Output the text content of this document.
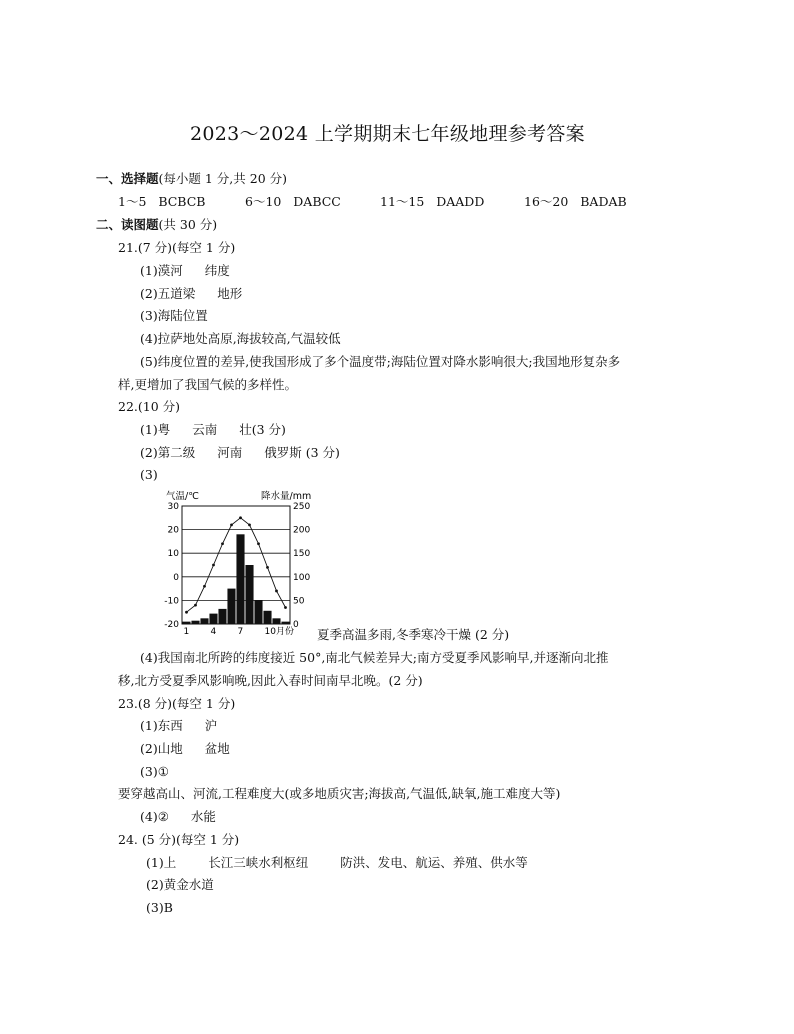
2023～2024 上学期期末七年级地理参考答案
一、选择题(每小题 1 分,共 20 分)
1～5 BCBCB	6～10 DABCC	11～15 DAADD	16～20 BADAB
二、读图题(共 30 分)
21.(7 分)(每空 1 分)
(1)漠河 纬度
(2)五道梁 地形
(3)海陆位置
(4)拉萨地处高原,海拔较高,气温较低
(5)纬度位置的差异,使我国形成了多个温度带;海陆位置对降水影响很大;我国地形复杂多
样,更增加了我国气候的多样性。
22.(10 分)
(1)粤 云南 壮(3 分)
(2)第二级 河南 俄罗斯 (3 分)
(3)
气温/℃	降水量/mm
30
20
10
0
-10
-20
250
200
150
100
50
0
1 4 7 10月份 夏季高温多雨,冬季寒冷干燥 (2 分)
(4)我国南北所跨的纬度接近 50°,南北气候差异大;南方受夏季风影响早,并逐渐向北推
移,北方受夏季风影响晚,因此入春时间南早北晚。(2 分)
23.(8 分)(每空 1 分)
(1)东西 沪
(2)山地 盆地
(3)①
要穿越高山、河流,工程难度大(或多地质灾害;海拔高,气温低,缺氧,施工难度大等)
(4)② 水能
24. (5 分)(每空 1 分)
(1)上	长江三峡水利枢纽	防洪、发电、航运、养殖、供水等
(2)黄金水道
(3)B
